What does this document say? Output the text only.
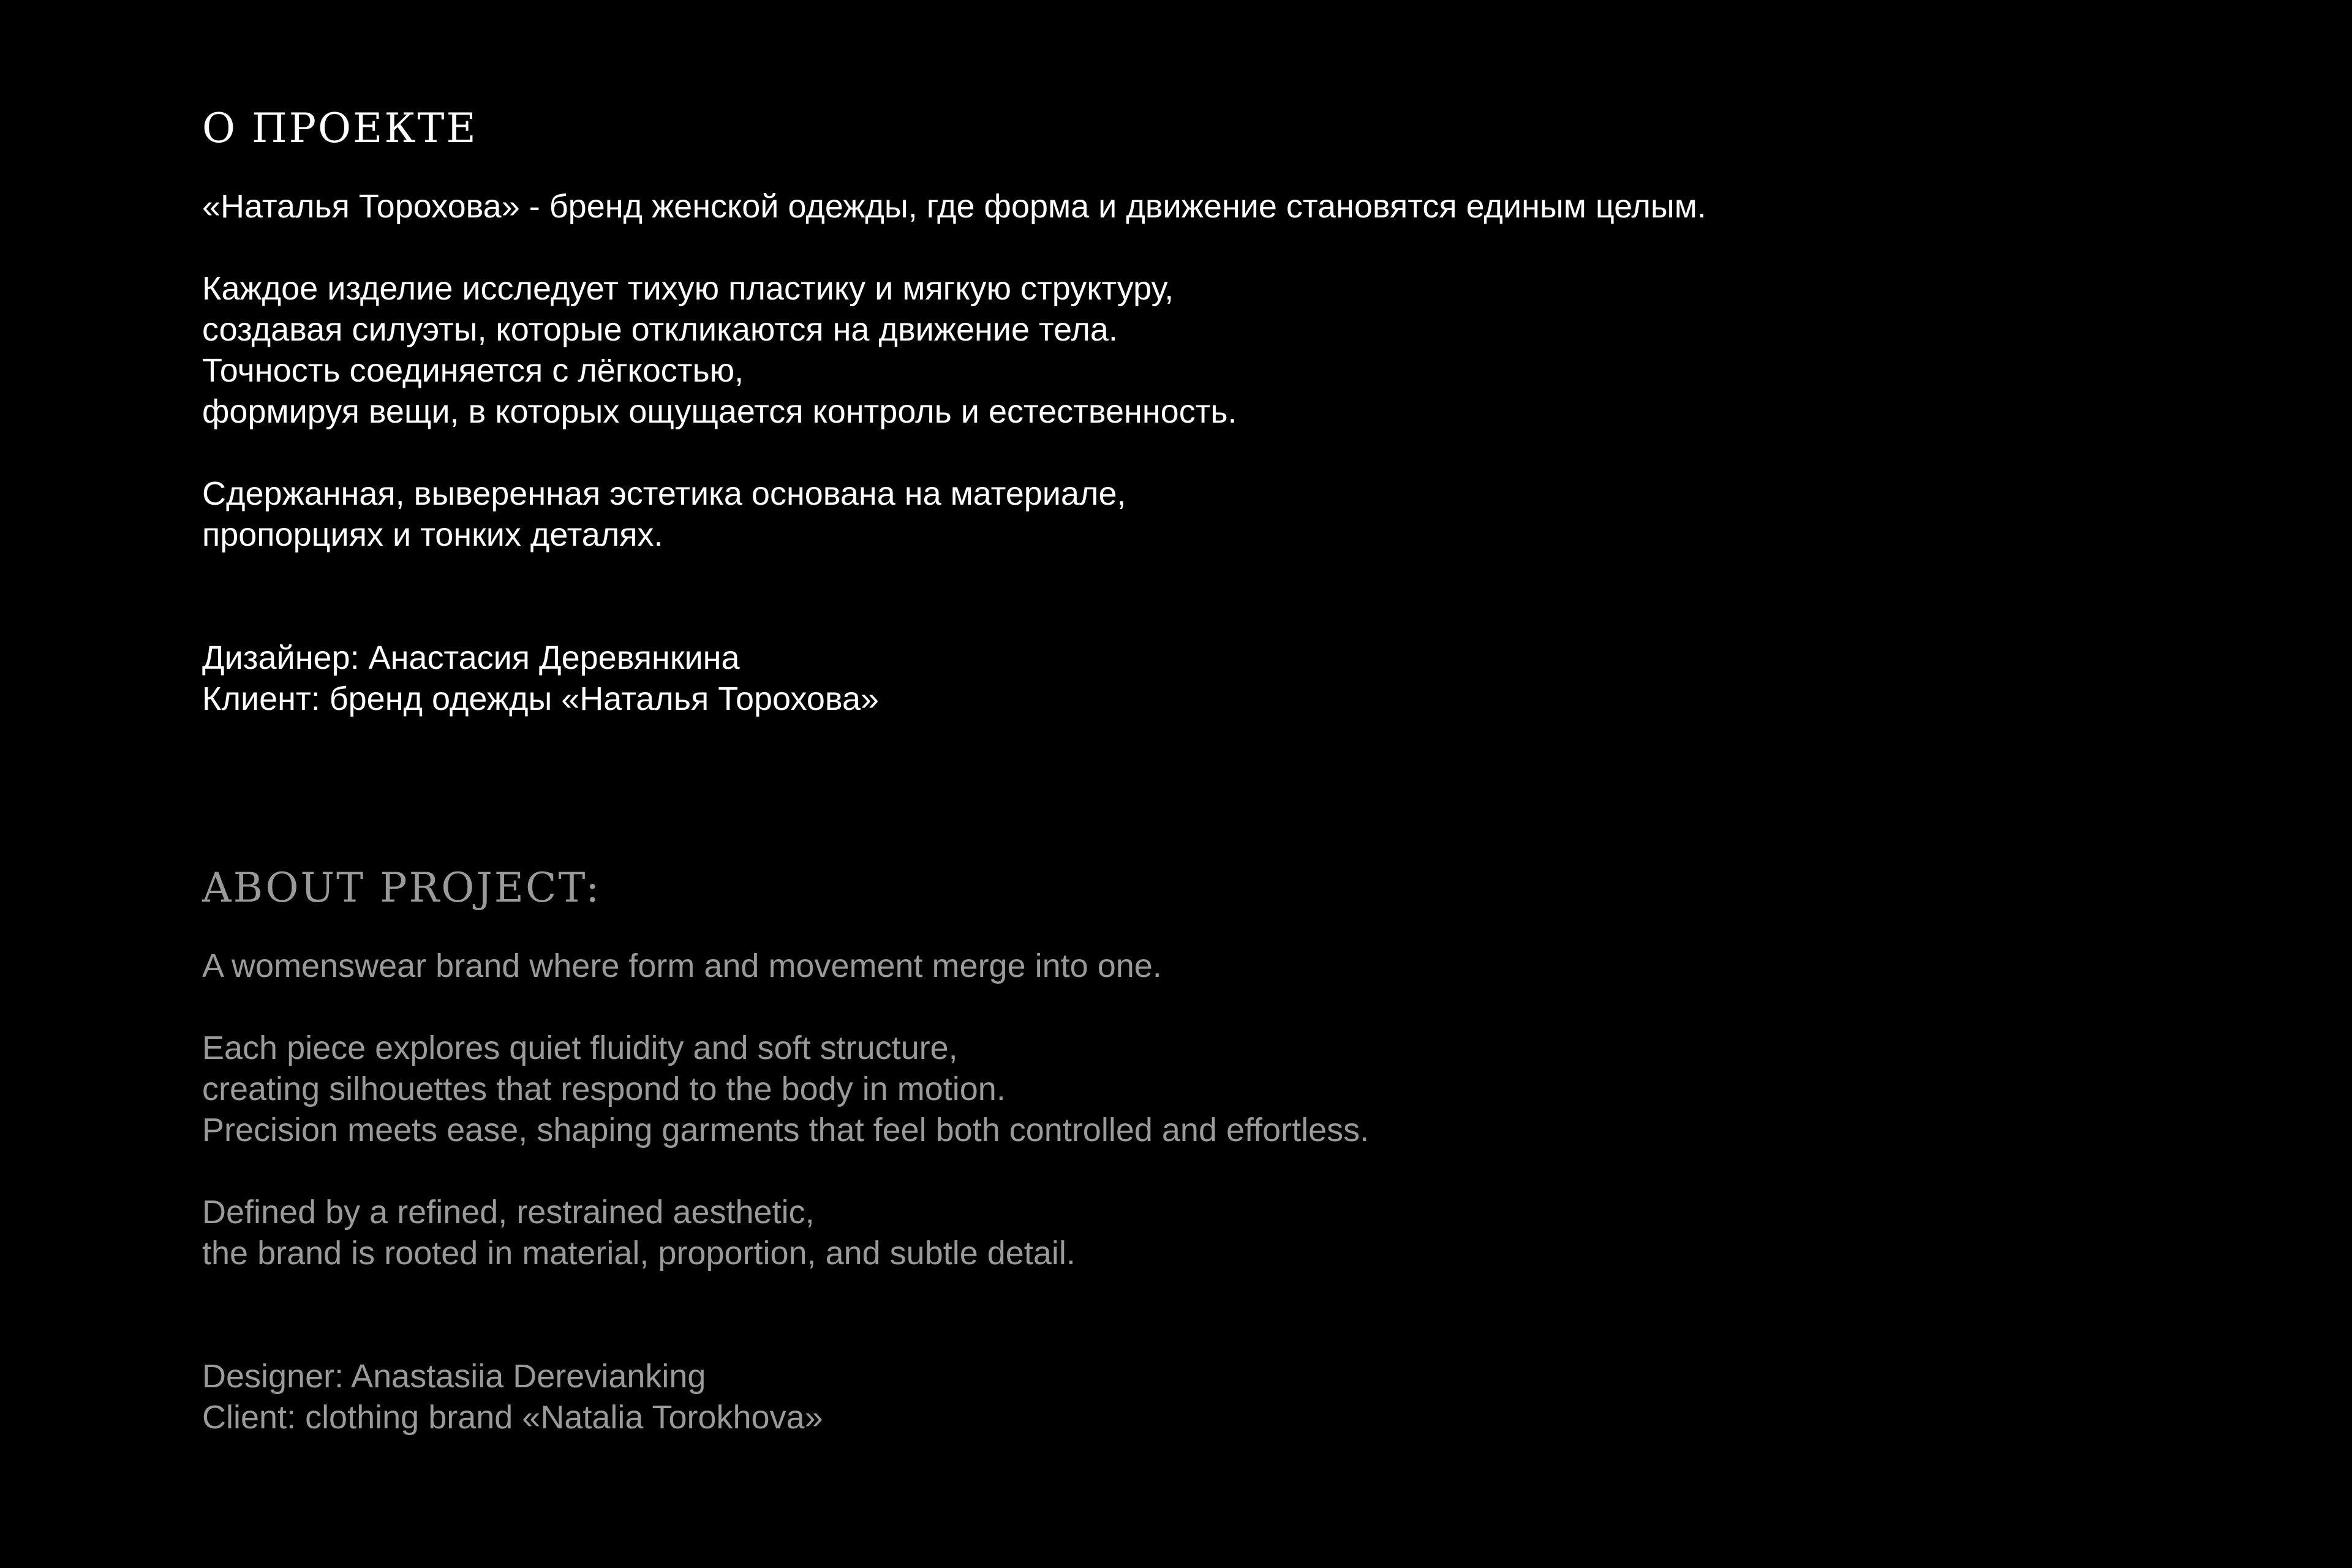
О ПРОЕКТЕ

«Наталья Торохова» - бренд женской одежды, где форма и движение становятся единым целым.

Каждое изделие исследует тихую пластику и мягкую структуру,
создавая силуэты, которые откликаются на движение тела.
Точность соединяется с лёгкостью,
формируя вещи, в которых ощущается контроль и естественность.

Сдержанная, выверенная эстетика основана на материале,
пропорциях и тонких деталях.

Дизайнер: Анастасия Деревянкина
Клиент: бренд одежды «Наталья Торохова»

ABOUT PROJECT:

A womenswear brand where form and movement merge into one.

Each piece explores quiet fluidity and soft structure,
creating silhouettes that respond to the body in motion.
Precision meets ease, shaping garments that feel both controlled and effortless.

Defined by a refined, restrained aesthetic,
the brand is rooted in material, proportion, and subtle detail.

Designer: Anastasiia Derevianking
Client: clothing brand «Natalia Torokhova»
